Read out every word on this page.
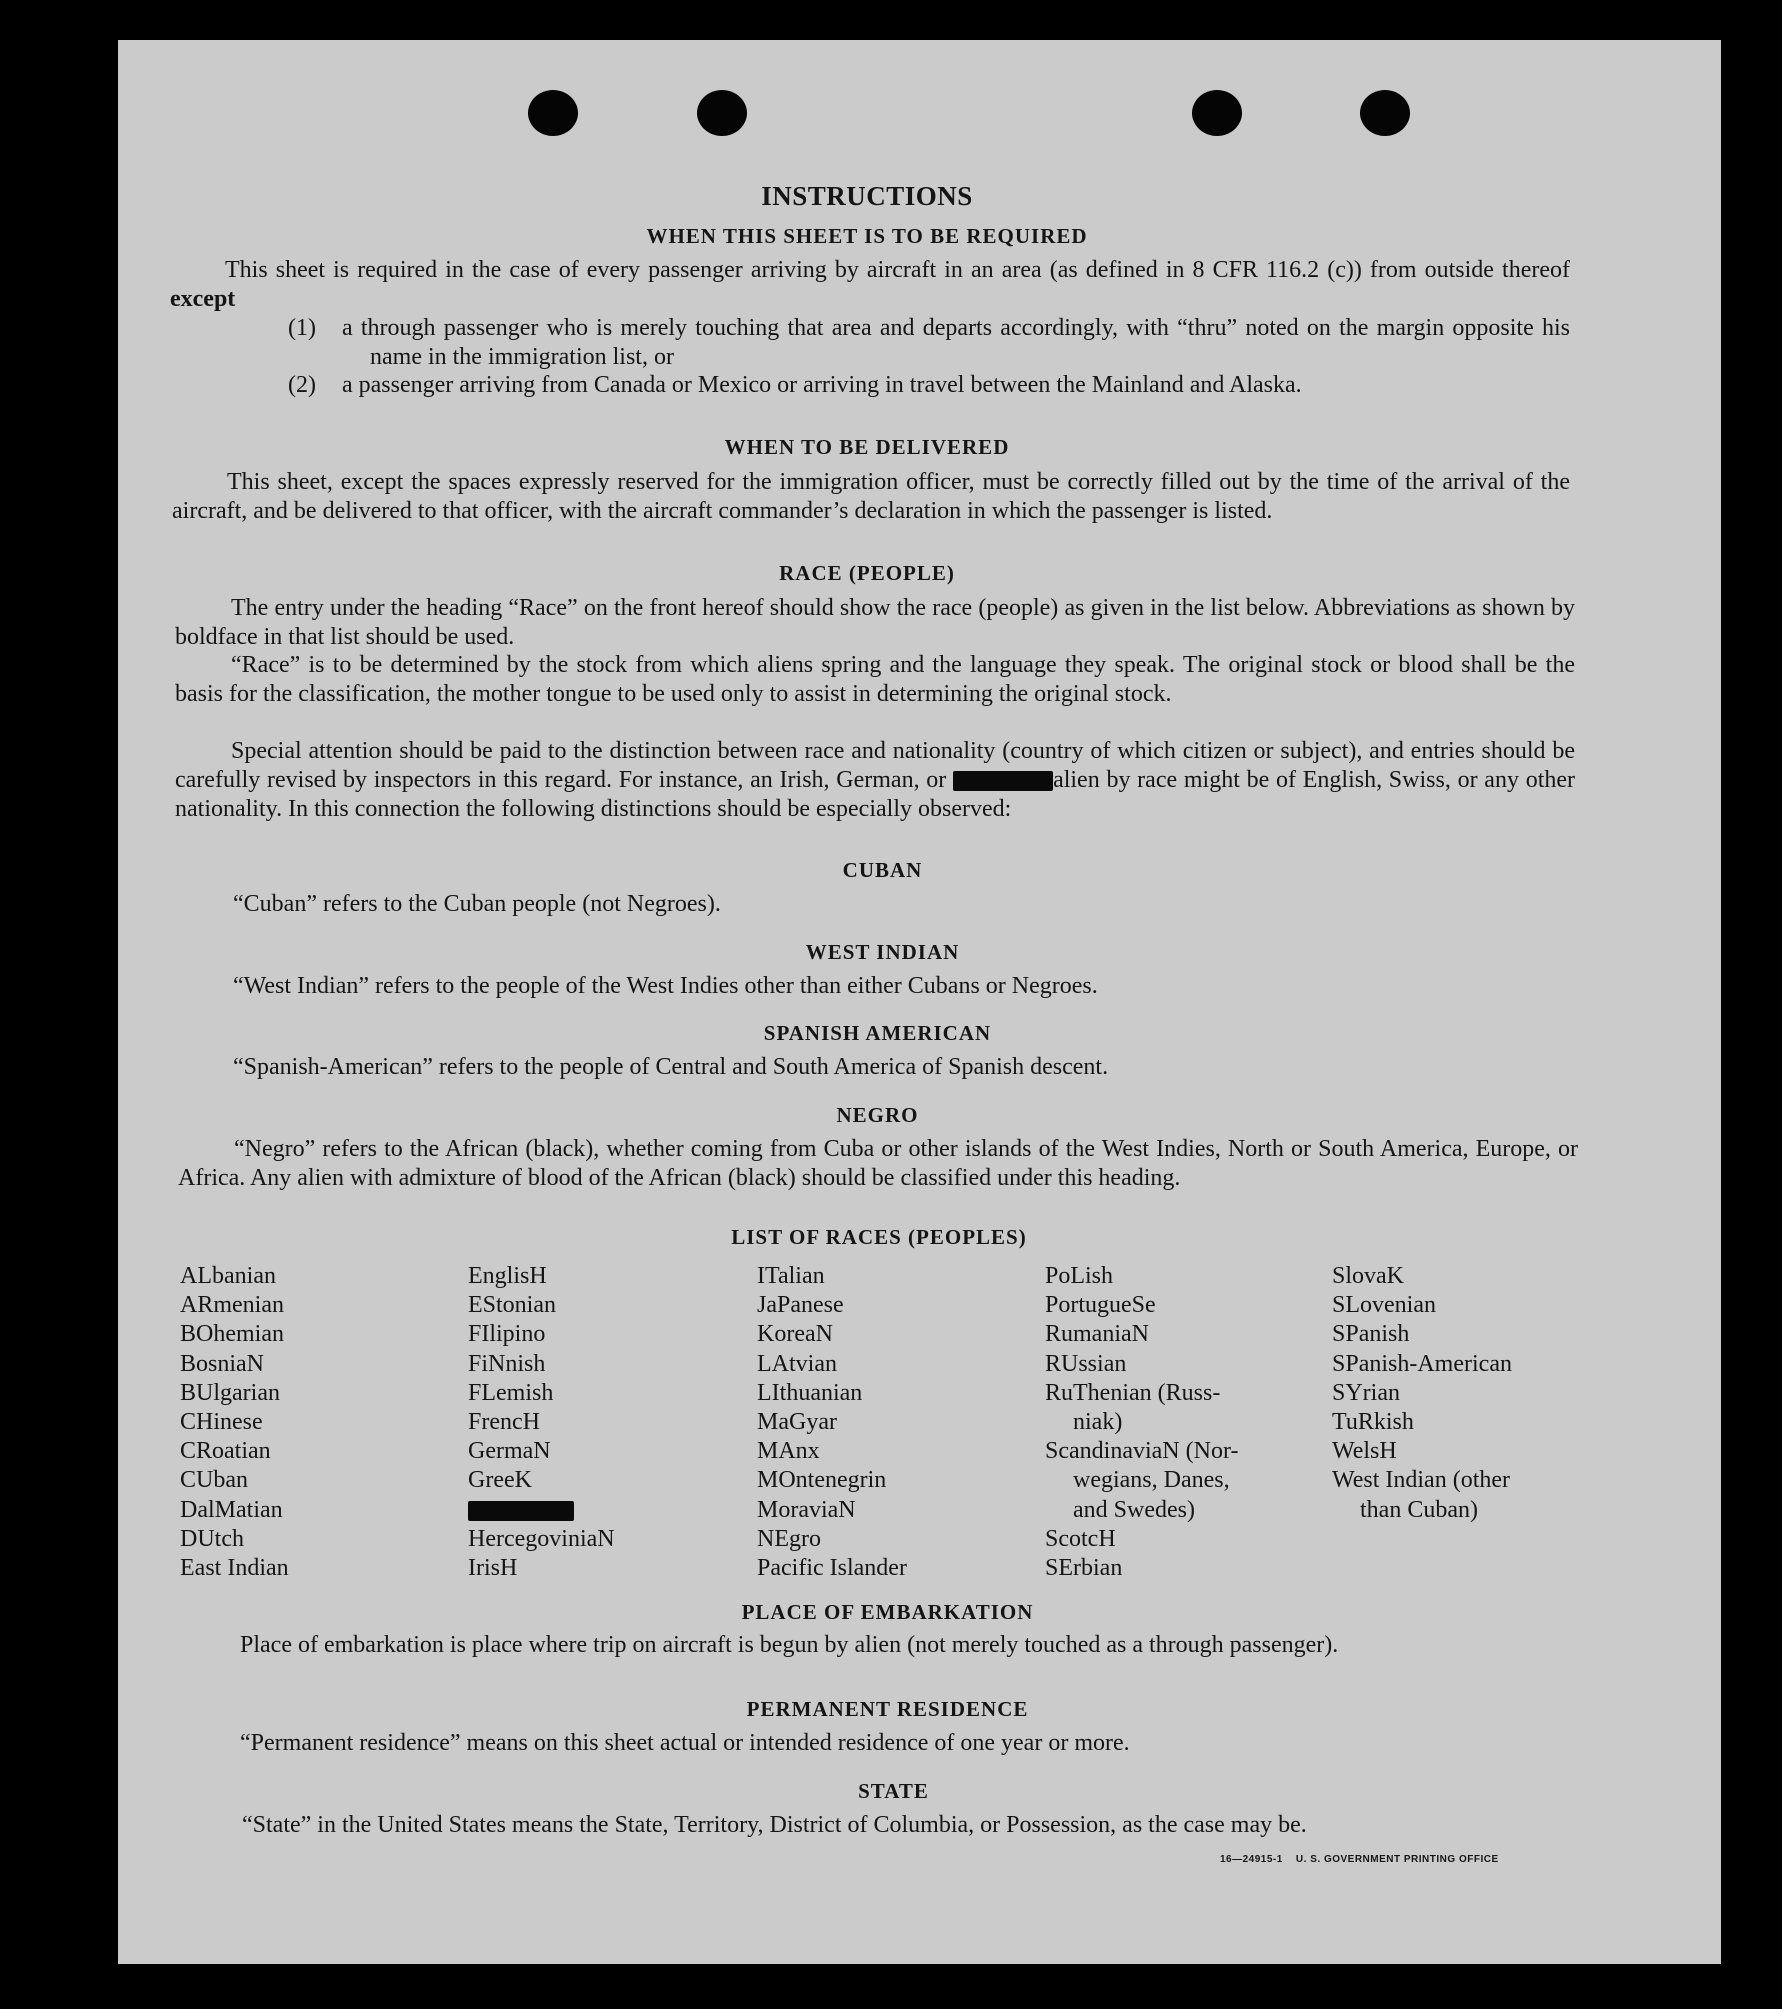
INSTRUCTIONS
WHEN THIS SHEET IS TO BE REQUIRED
This sheet is required in the case of every passenger arriving by aircraft in an area (as defined in 8 CFR 116.2 (c)) from outside thereof except
(1) a through passenger who is merely touching that area and departs accordingly, with “thru” noted on the margin opposite his name in the immigration list, or
(2) a passenger arriving from Canada or Mexico or arriving in travel between the Mainland and Alaska.
WHEN TO BE DELIVERED
This sheet, except the spaces expressly reserved for the immigration officer, must be correctly filled out by the time of the arrival of the aircraft, and be delivered to that officer, with the aircraft commander’s declaration in which the passenger is listed.
RACE (PEOPLE)
The entry under the heading “Race” on the front hereof should show the race (people) as given in the list below. Abbreviations as shown by boldface in that list should be used.
“Race” is to be determined by the stock from which aliens spring and the language they speak. The original stock or blood shall be the basis for the classification, the mother tongue to be used only to assist in determining the original stock.
Special attention should be paid to the distinction between race and nationality (country of which citizen or subject), and entries should be carefully revised by inspectors in this regard. For instance, an Irish, German, or	alien by race might be of English, Swiss, or any other nationality. In this connection the following distinctions should be especially observed:
CUBAN
“Cuban” refers to the Cuban people (not Negroes).
WEST INDIAN
“West Indian” refers to the people of the West Indies other than either Cubans or Negroes.
SPANISH AMERICAN
“Spanish-American” refers to the people of Central and South America of Spanish descent.
NEGRO
“Negro” refers to the African (black), whether coming from Cuba or other islands of the West Indies, North or South America, Europe, or Africa. Any alien with admixture of blood of the African (black) should be classified under this heading.
LIST OF RACES (PEOPLES)
ALbanian
ARmenian
BOhemian
BosniaN
BUlgarian
CHinese
CRoatian
CUban
DalMatian
DUtch
East Indian
EnglisH
EStonian
FIlipino
FiNnish
FLemish
FrencH
GermaN
GreeK
HercegoviniaN
IrisH
ITalian
JaPanese
KoreaN
LAtvian
LIthuanian
MaGyar
MAnx
MOntenegrin
MoraviaN
NEgro
Pacific Islander
PoLish
PortugueSe
RumaniaN
RUssian
RuThenian (Russ-
niak)
ScandinaviaN (Nor-
wegians, Danes,
and Swedes)
ScotcH
SErbian
SlovaK
SLovenian
SPanish
SPanish-American
SYrian
TuRkish
WelsH
West Indian (other
than Cuban)
PLACE OF EMBARKATION
Place of embarkation is place where trip on aircraft is begun by alien (not merely touched as a through passenger).
PERMANENT RESIDENCE
“Permanent residence” means on this sheet actual or intended residence of one year or more.
STATE
“State” in the United States means the State, Territory, District of Columbia, or Possession, as the case may be.
16—24915-1    U. S. GOVERNMENT PRINTING OFFICE
